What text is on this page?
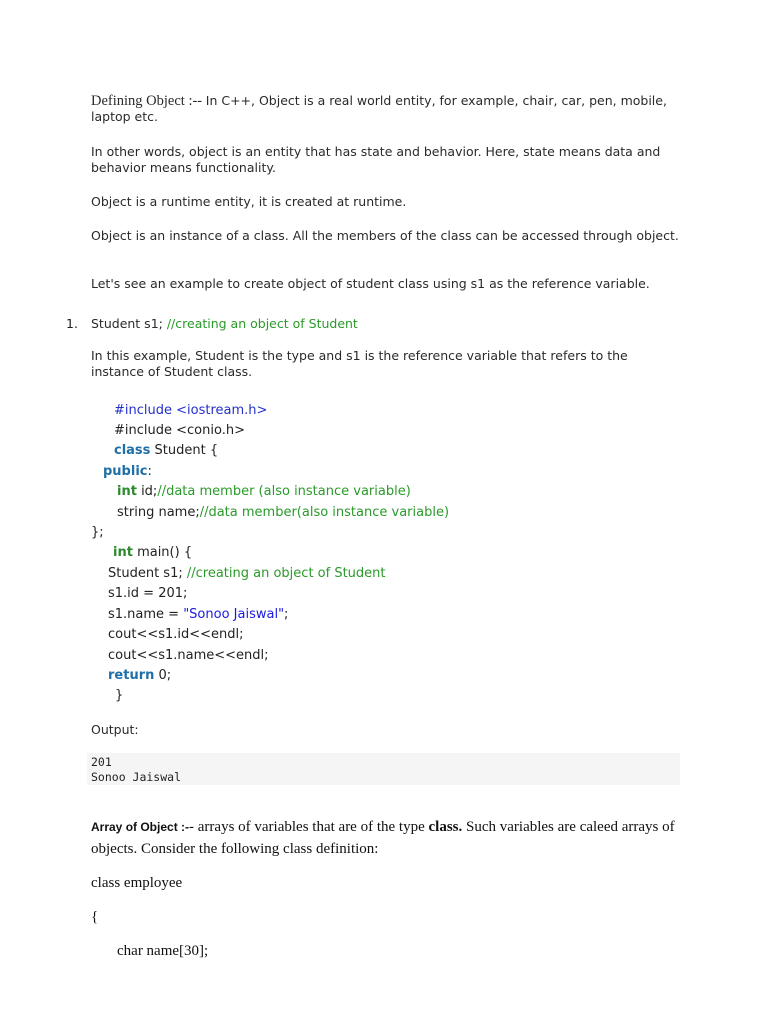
Defining Object :-- In C++, Object is a real world entity, for example, chair, car, pen, mobile, laptop etc.
In other words, object is an entity that has state and behavior. Here, state means data and behavior means functionality.
Object is a runtime entity, it is created at runtime.
Object is an instance of a class. All the members of the class can be accessed through object.
Let's see an example to create object of student class using s1 as the reference variable.
1. Student s1; //creating an object of Student
In this example, Student is the type and s1 is the reference variable that refers to the instance of Student class.
#include <iostream.h>
#include <conio.h>
class Student {
public:
int id;//data member (also instance variable)
string name;//data member(also instance variable)
};
int main() {
Student s1; //creating an object of Student
s1.id = 201;
s1.name = "Sonoo Jaiswal";
cout<<s1.id<<endl;
cout<<s1.name<<endl;
return 0;
}
Output:
201
Sonoo Jaiswal
Array of Object :-- arrays of variables that are of the type class. Such variables are caleed arrays of objects. Consider the following class definition:
class employee
{
char name[30];
